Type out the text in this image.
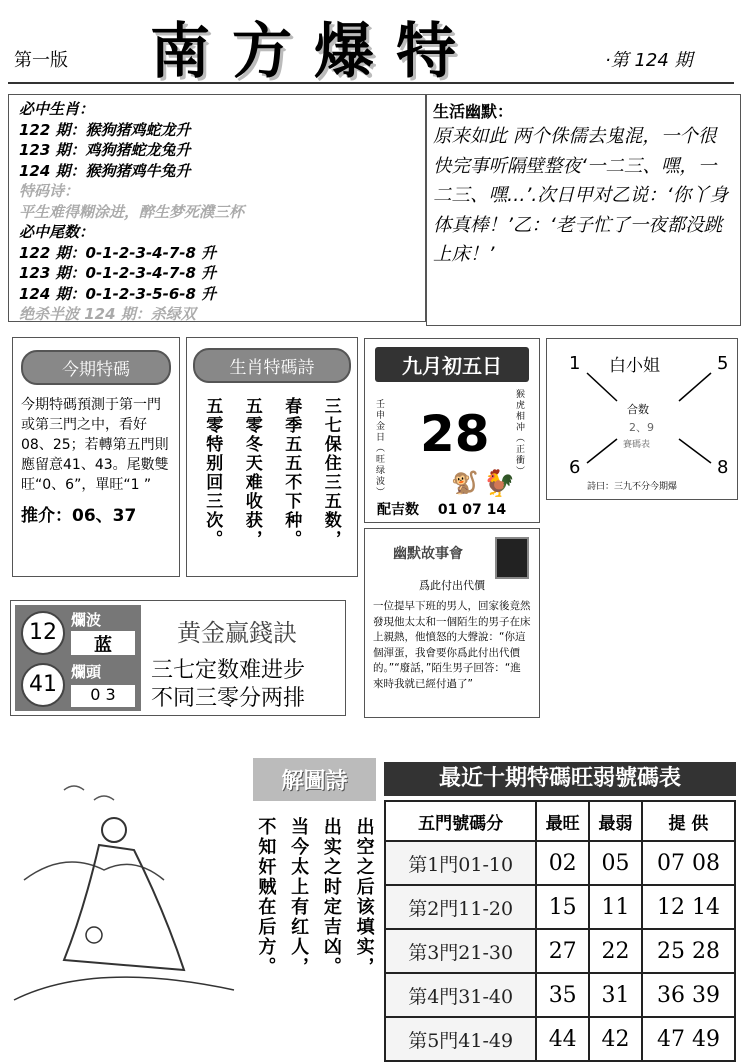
第一版 南方爆特	·第 124 期
必中生肖：
122 期：猴狗猪鸡蛇龙升
123 期：鸡狗猪蛇龙兔升
124 期：猴狗猪鸡牛兔升
特码诗：
平生难得糊涂进，醉生梦死濮三杯
必中尾数：
122 期：0-1-2-3-4-7-8 升
123 期：0-1-2-3-4-7-8 升
124 期：0-1-2-3-5-6-8 升
绝杀半波 124 期：杀绿双
生活幽默：
原来如此 两个侏儒去鬼混，一个很快完事听隔壁整夜‘一二三、嘿，一二三、嘿…’.次日甲对乙说：‘你丫身体真棒！’乙：‘老子忙了一夜都没跳上床！’
今期特碼
今期特碼預測于第一門或第三門之中，看好08、25；若轉第五門則應留意41、43。尾數雙旺“0、6”，單旺“1 ”
推介：06、37
生肖特碼詩
三七保住三五数，
春季五五不下种。
五零冬天难收获，
五零特别回三次。
九月初五日
壬申金日（旺绿波） 28	猴虎相冲（正衝）
🐓
🐒
配吉数 01 07 14
白小姐
1	5
6	8
合数
2、9
賽碼表
詩曰：三九不分今期爆
幽默故事會
爲此付出代價
一位提早下班的男人，回家後竟然發現他太太和一個陌生的男子在床上親熱，他憤怒的大聲說：“你這個渾蛋，我會要你爲此付出代價的。”“廢話，”陌生男子回答：“進來時我就已經付過了”
12 爛波
蓝
41 爛頭
0 3
黄金赢錢訣
三七定数难进步
不同三零分两排
解圖詩
出空之后该填实，
出实之时定吉凶。
当今太上有红人，
不知奸贼在后方。
最近十期特碼旺弱號碼表
五門號碼分	最旺	最弱	提 供
第1門01-10	02	05	07 08
第2門11-20	15	11	12 14
第3門21-30	27	22	25 28
第4門31-40	35	31	36 39
第5門41-49	44	42	47 49
